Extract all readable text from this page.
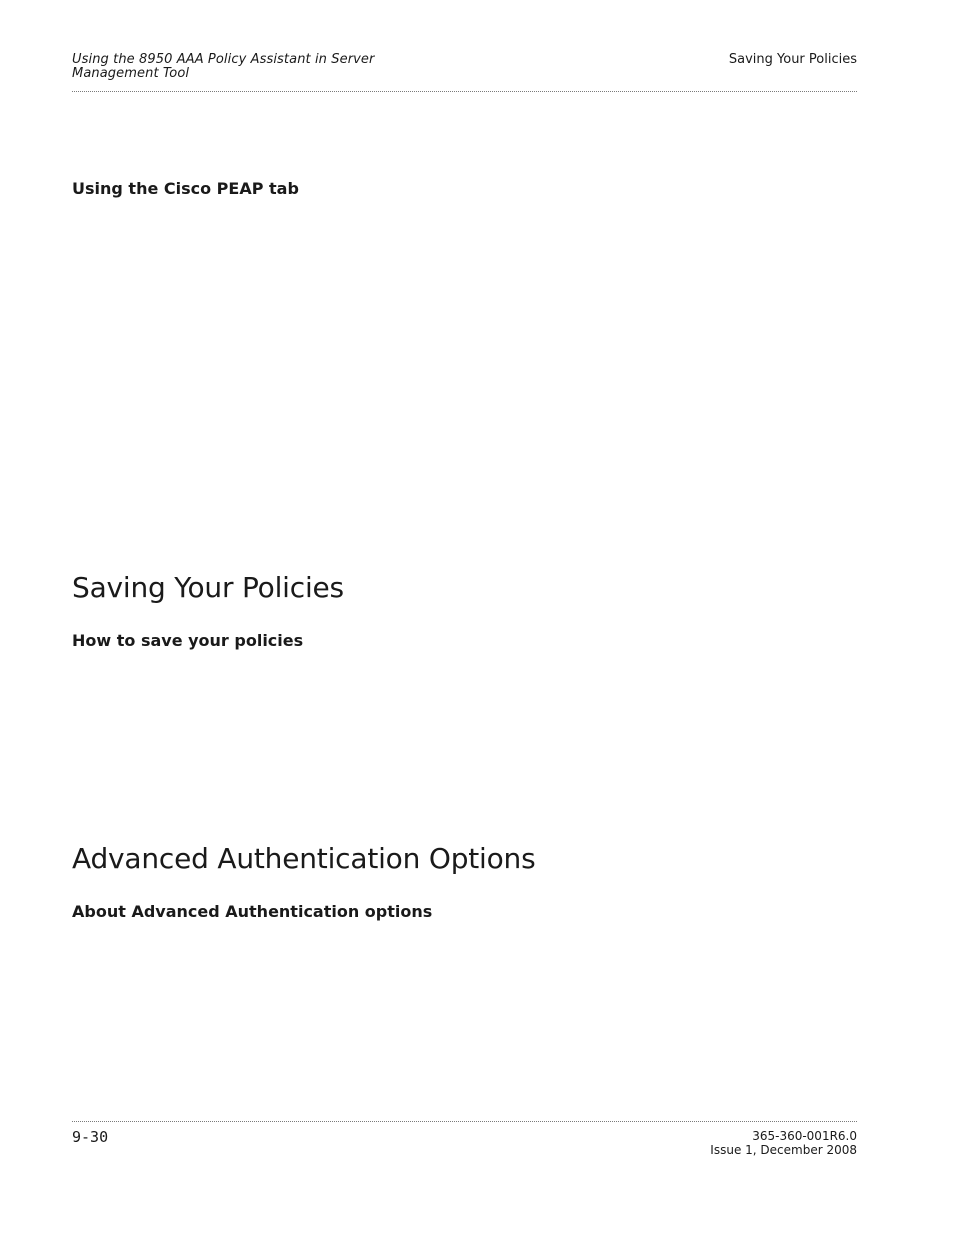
Using the 8950 AAA Policy Assistant in Server
Management Tool
Saving Your Policies
Using the Cisco PEAP tab
Saving Your Policies
How to save your policies
Advanced Authentication Options
About Advanced Authentication options
9-30	365-360-001R6.0
Issue 1, December 2008
